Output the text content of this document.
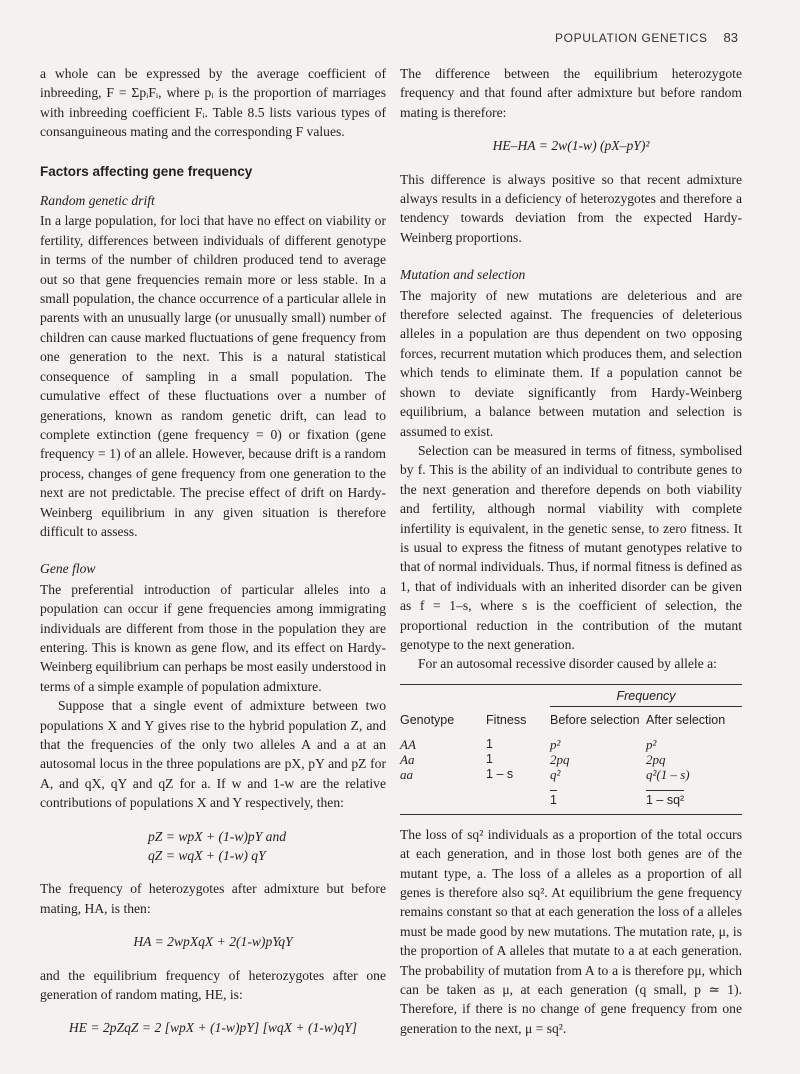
POPULATION GENETICS 83

a whole can be expressed by the average coefficient of inbreeding, F = ΣpᵢFᵢ, where pᵢ is the proportion of marriages with inbreeding coefficient Fᵢ. Table 8.5 lists various types of consanguineous mating and the corresponding F values.

Factors affecting gene frequency
Random genetic drift

In a large population, for loci that have no effect on viability or fertility, differences between individuals of different genotype in terms of the number of children produced tend to average out so that gene frequencies remain more or less stable. In a small population, the chance occurrence of a particular allele in parents with an unusually large (or unusually small) number of children can cause marked fluctuations of gene frequency from one generation to the next. This is a natural statistical consequence of sampling in a small population. The cumulative effect of these fluctuations over a number of generations, known as random genetic drift, can lead to complete extinction (gene frequency = 0) or fixation (gene frequency = 1) of an allele. However, because drift is a random process, changes of gene frequency from one generation to the next are not predictable. The precise effect of drift on Hardy-Weinberg equilibrium in any given situation is therefore difficult to assess.

Gene flow

The preferential introduction of particular alleles into a population can occur if gene frequencies among immigrating individuals are different from those in the population they are entering. This is known as gene flow, and its effect on Hardy-Weinberg equilibrium can perhaps be most easily understood in terms of a simple example of population admixture.

Suppose that a single event of admixture between two populations X and Y gives rise to the hybrid population Z, and that the frequencies of the only two alleles A and a at an autosomal locus in the three populations are pX, pY and pZ for A, and qX, qY and qZ for a. If w and 1-w are the relative contributions of populations X and Y respectively, then:

pZ = wpX + (1-w)pY and
qZ = wqX + (1-w) qY

The frequency of heterozygotes after admixture but before mating, HA, is then:

HA = 2wpXqX + 2(1-w)pYqY

and the equilibrium frequency of heterozygotes after one generation of random mating, HE, is:

HE = 2pZqZ = 2 [wpX + (1-w)pY] [wqX + (1-w)qY]

The difference between the equilibrium heterozygote frequency and that found after admixture but before random mating is therefore:

HE–HA = 2w(1-w) (pX–pY)²

This difference is always positive so that recent admixture always results in a deficiency of heterozygotes and therefore a tendency towards deviation from the expected Hardy-Weinberg proportions.

Mutation and selection

The majority of new mutations are deleterious and are therefore selected against. The frequencies of deleterious alleles in a population are thus dependent on two opposing forces, recurrent mutation which produces them, and selection which tends to eliminate them. If a population cannot be shown to deviate significantly from Hardy-Weinberg equilibrium, a balance between mutation and selection is assumed to exist.

Selection can be measured in terms of fitness, symbolised by f. This is the ability of an individual to contribute genes to the next generation and therefore depends on both viability and fertility, although normal viability with complete infertility is equivalent, in the genetic sense, to zero fitness. It is usual to express the fitness of mutant genotypes relative to that of normal individuals. Thus, if normal fitness is defined as 1, that of individuals with an inherited disorder can be given as f = 1–s, where s is the coefficient of selection, the proportional reduction in the contribution of the mutant genotype to the next generation.

For an autosomal recessive disorder caused by allele a:

		Frequency	
Genotype	Fitness	Before selection	After selection
AA	1	p²	p²
Aa	1	2pq	2pq
aa	1 – s	q²	q²(1 – s)
		1	1 – sq²

The loss of sq² individuals as a proportion of the total occurs at each generation, and in those lost both genes are of the mutant type, a. The loss of a alleles as a proportion of all genes is therefore also sq². At equilibrium the gene frequency remains constant so that at each generation the loss of a alleles must be made good by new mutations. The mutation rate, μ, is the proportion of A alleles that mutate to a at each generation. The probability of mutation from A to a is therefore pμ, which can be taken as μ, at each generation (q small, p ≃ 1). Therefore, if there is no change of gene frequency from one generation to the next, μ = sq².
